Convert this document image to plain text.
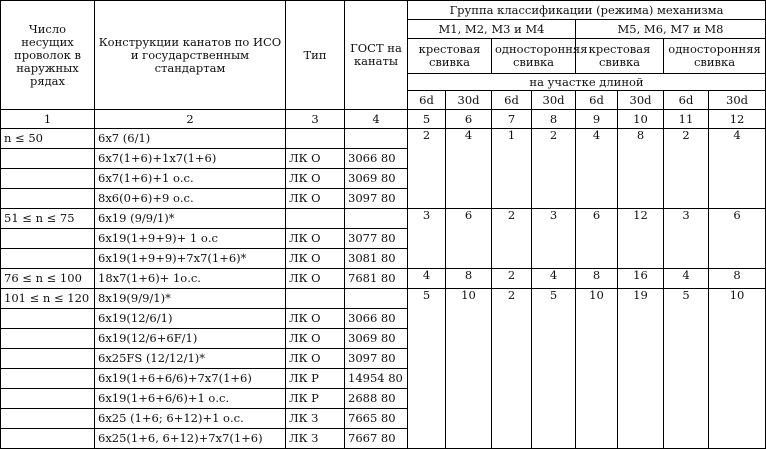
Число несущих проволок в наружных рядах	Конструкции канатов по ИСО и государственным стандартам	Тип	ГОСТ на канаты	Группа классификации (режима) механизма							
				М1, М2, М3 и М4				М5, М6, М7 и М8			
				крестовая свивка		односторонняя свивка		крестовая свивка		односторонняя свивка	
				на участке длиной							
				6d	30d	6d	30d	6d	30d	6d	30d
1	2	3	4	5	6	7	8	9	10	11	12
n ≤ 50	6х7 (6/1)			2	4	1	2	4	8	2	4
	6х7(1+6)+1х7(1+6)	ЛК О	3066 80								
	6х7(1+6)+1 о.с.	ЛК О	3069 80								
	8х6(0+6)+9 о.с.	ЛК О	3097 80								
51 ≤ n ≤ 75	6х19 (9/9/1)*			3	6	2	3	6	12	3	6
	6х19(1+9+9)+ 1 о.с	ЛК О	3077 80								
	6х19(1+9+9)+7х7(1+6)*	ЛК О	3081 80								
76 ≤ n ≤ 100	18х7(1+6)+ 1о.с.	ЛК О	7681 80	4	8	2	4	8	16	4	8
101 ≤ n ≤ 120	8х19(9/9/1)*			5	10	2	5	10	19	5	10
	6х19(12/6/1)	ЛК О	3066 80								
	6х19(12/6+6F/1)	ЛК О	3069 80								
	6х25FS (12/12/1)*	ЛК О	3097 80								
	6х19(1+6+6/6)+7х7(1+6)	ЛК Р	14954 80								
	6х19(1+6+6/6)+1 о.с.	ЛК Р	2688 80								
	6х25 (1+6; 6+12)+1 о.с.	ЛК З	7665 80								
	6х25(1+6, 6+12)+7х7(1+6)	ЛК З	7667 80								
